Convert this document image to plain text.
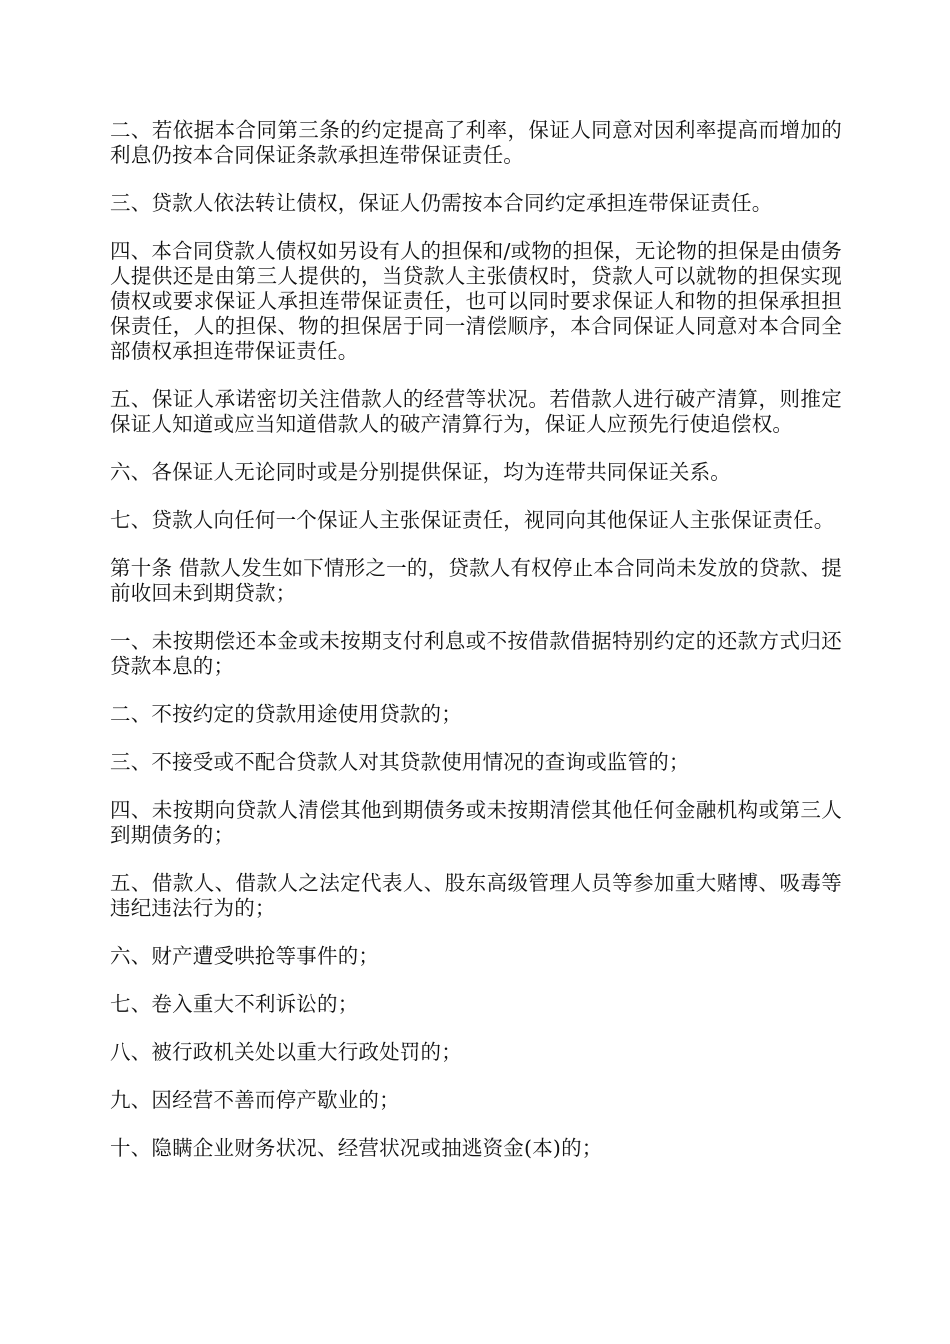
二、若依据本合同第三条的约定提高了利率，保证人同意对因利率提高而增加的利息仍按本合同保证条款承担连带保证责任。

三、贷款人依法转让债权，保证人仍需按本合同约定承担连带保证责任。

四、本合同贷款人债权如另设有人的担保和/或物的担保，无论物的担保是由债务人提供还是由第三人提供的，当贷款人主张债权时，贷款人可以就物的担保实现债权或要求保证人承担连带保证责任，也可以同时要求保证人和物的担保承担担保责任，人的担保、物的担保居于同一清偿顺序，本合同保证人同意对本合同全部债权承担连带保证责任。

五、保证人承诺密切关注借款人的经营等状况。若借款人进行破产清算，则推定保证人知道或应当知道借款人的破产清算行为，保证人应预先行使追偿权。

六、各保证人无论同时或是分别提供保证，均为连带共同保证关系。

七、贷款人向任何一个保证人主张保证责任，视同向其他保证人主张保证责任。

第十条 借款人发生如下情形之一的，贷款人有权停止本合同尚未发放的贷款、提前收回未到期贷款；

一、未按期偿还本金或未按期支付利息或不按借款借据特别约定的还款方式归还贷款本息的；

二、不按约定的贷款用途使用贷款的；

三、不接受或不配合贷款人对其贷款使用情况的查询或监管的；

四、未按期向贷款人清偿其他到期债务或未按期清偿其他任何金融机构或第三人到期债务的；

五、借款人、借款人之法定代表人、股东高级管理人员等参加重大赌博、吸毒等违纪违法行为的；

六、财产遭受哄抢等事件的；

七、卷入重大不利诉讼的；

八、被行政机关处以重大行政处罚的；

九、因经营不善而停产歇业的；

十、隐瞒企业财务状况、经营状况或抽逃资金(本)的；
